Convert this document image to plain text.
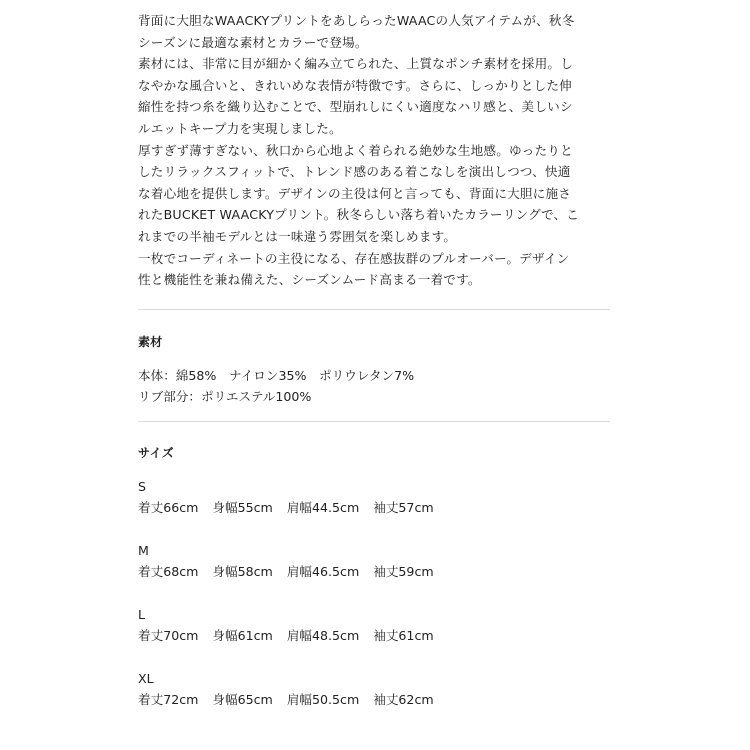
背面に大胆なWAACKYプリントをあしらったWAACの人気アイテムが、秋冬
シーズンに最適な素材とカラーで登場。
素材には、非常に目が細かく編み立てられた、上質なポンチ素材を採用。し
なやかな風合いと、きれいめな表情が特徴です。さらに、しっかりとした伸
縮性を持つ糸を織り込むことで、型崩れしにくい適度なハリ感と、美しいシ
ルエットキープ力を実現しました。
厚すぎず薄すぎない、秋口から心地よく着られる絶妙な生地感。ゆったりと
したリラックスフィットで、トレンド感のある着こなしを演出しつつ、快適
な着心地を提供します。デザインの主役は何と言っても、背面に大胆に施さ
れたBUCKET WAACKYプリント。秋冬らしい落ち着いたカラーリングで、こ
れまでの半袖モデルとは一味違う雰囲気を楽しめます。
一枚でコーディネートの主役になる、存在感抜群のプルオーバー。デザイン
性と機能性を兼ね備えた、シーズンムード高まる一着です。
素材
本体：綿58%　ナイロン35%　ポリウレタン7%
リブ部分：ポリエステル100%
サイズ
S
着丈66cm 身幅55cm 肩幅44.5cm 袖丈57cm
M
着丈68cm 身幅58cm 肩幅46.5cm 袖丈59cm
L
着丈70cm 身幅61cm 肩幅48.5cm 袖丈61cm
XL
着丈72cm 身幅65cm 肩幅50.5cm 袖丈62cm
